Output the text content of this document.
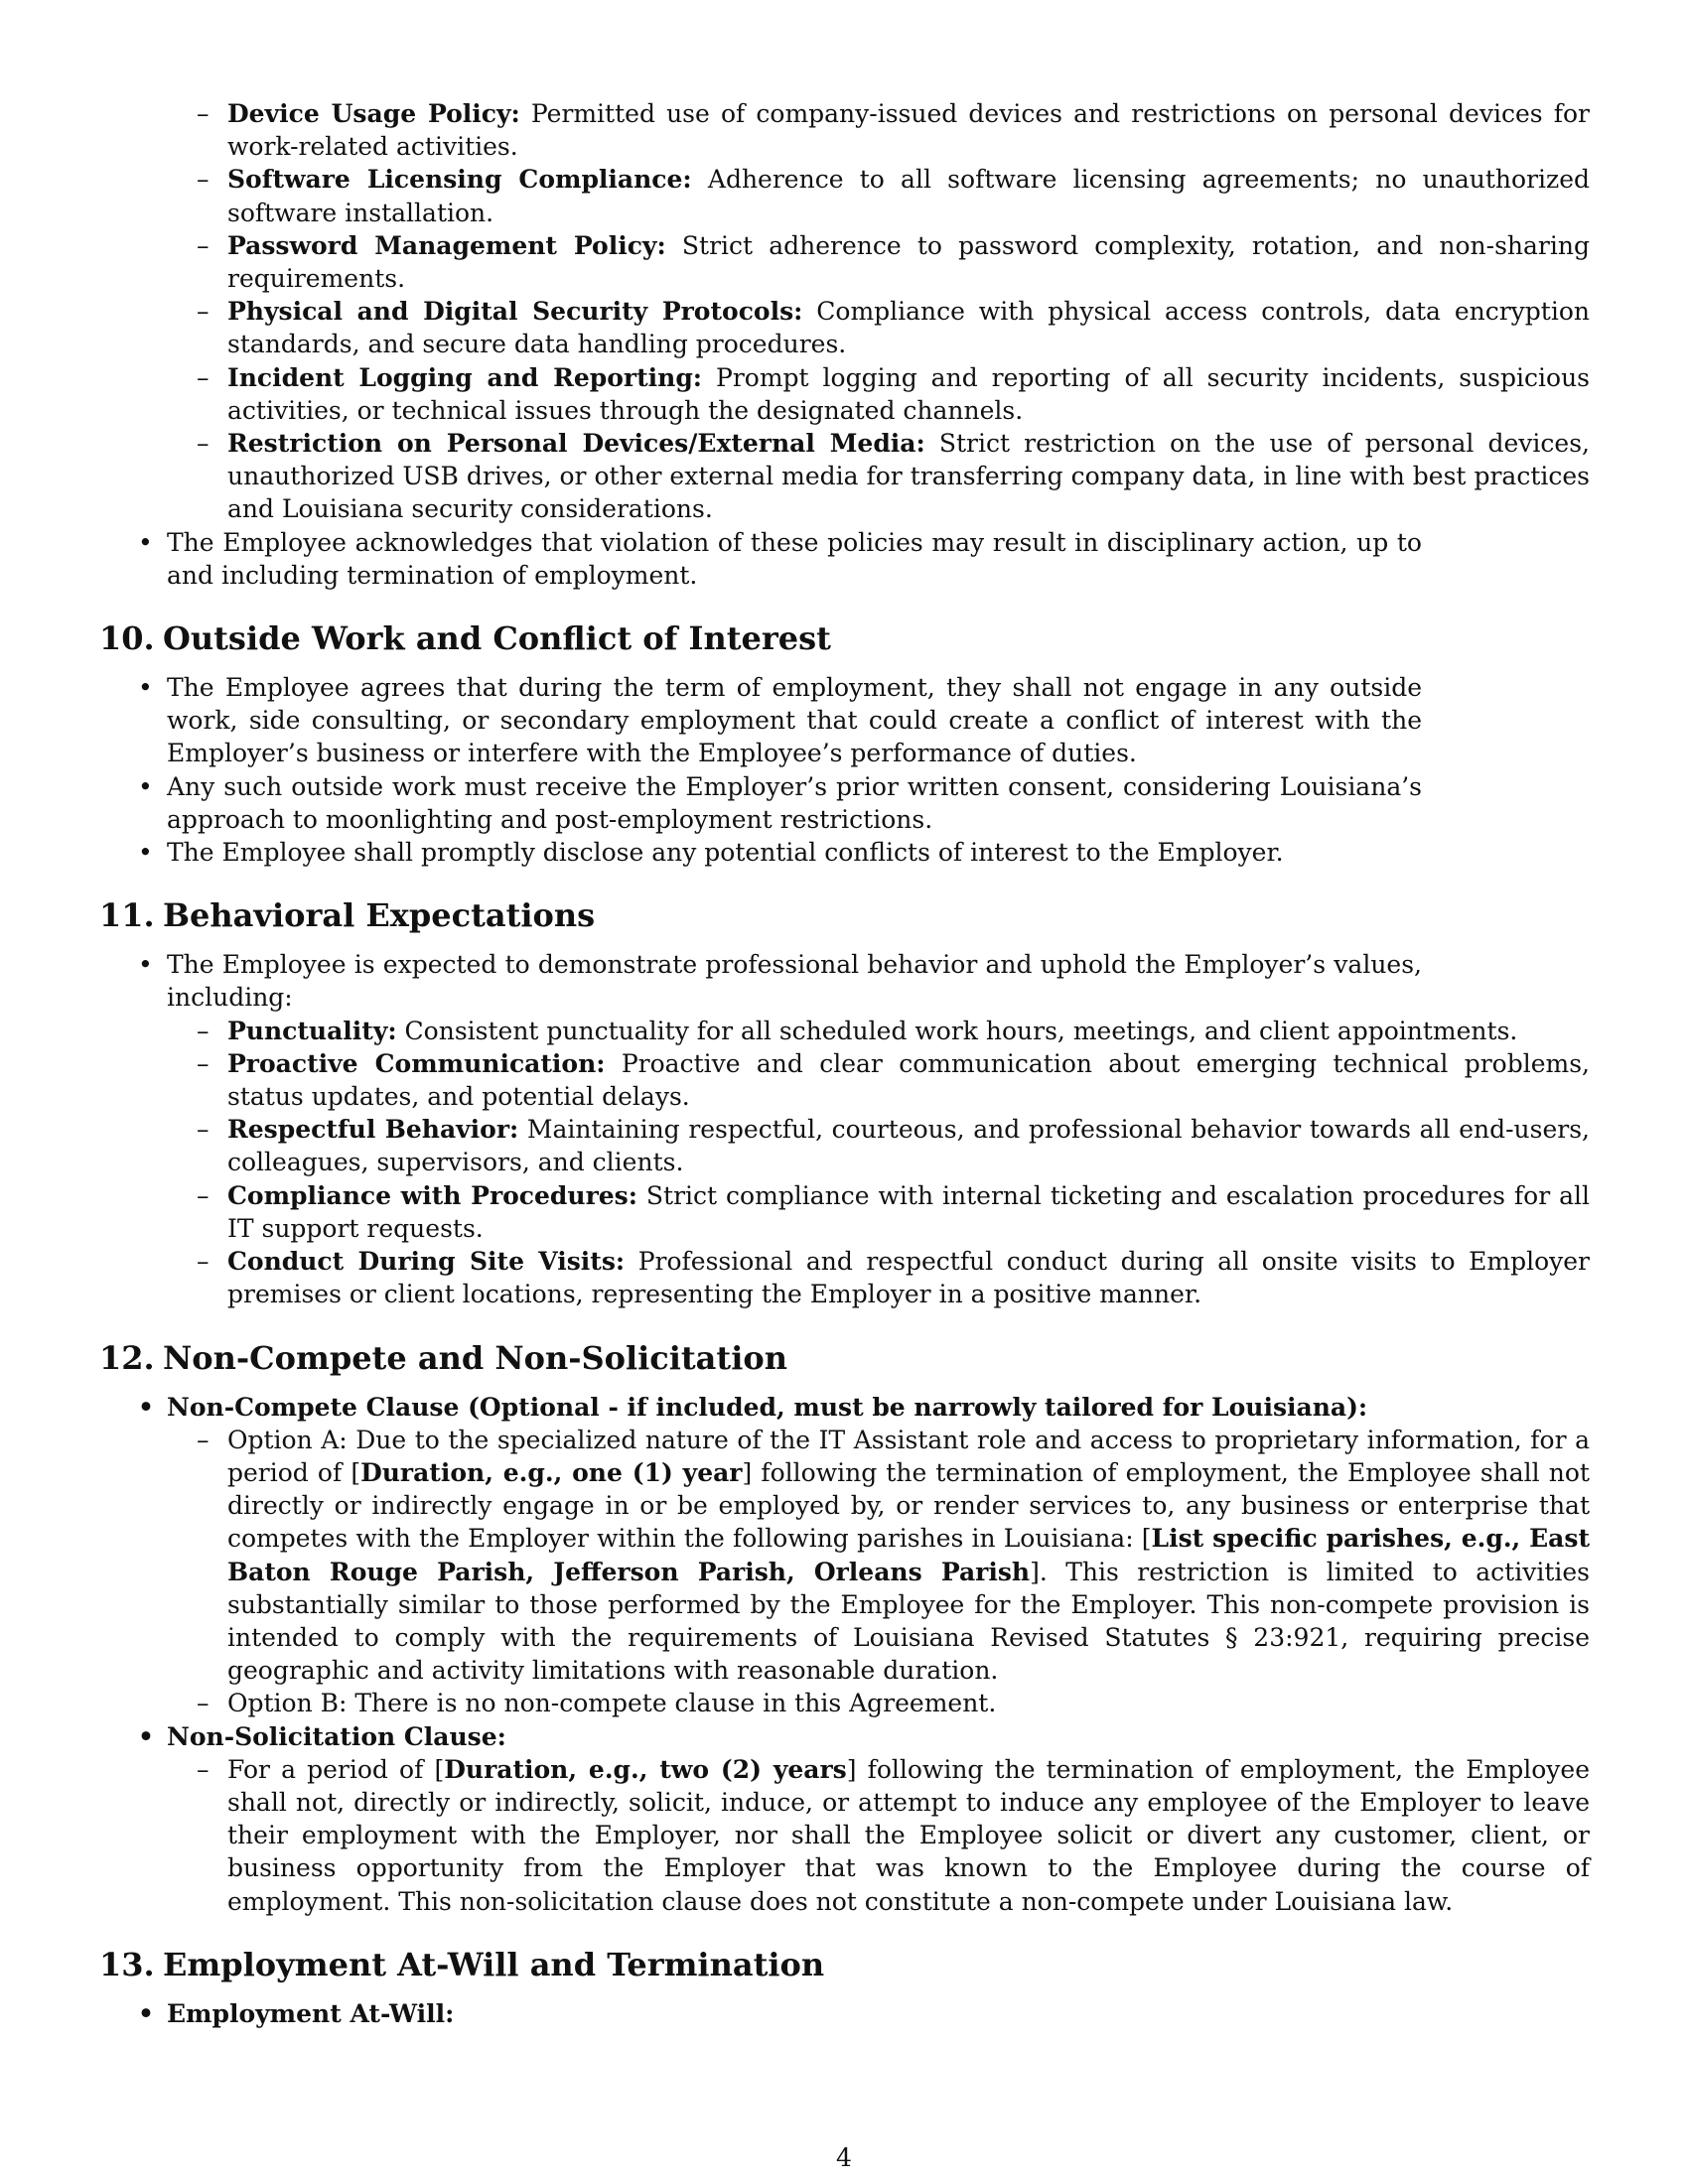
– Device Usage Policy: Permitted use of company-issued devices and restrictions on personal devices for work-related activities.
– Software Licensing Compliance: Adherence to all software licensing agreements; no unauthorized software installation.
– Password Management Policy: Strict adherence to password complexity, rotation, and non-sharing requirements.
– Physical and Digital Security Protocols: Compliance with physical access controls, data encryption standards, and secure data handling procedures.
– Incident Logging and Reporting: Prompt logging and reporting of all security incidents, suspicious activities, or technical issues through the designated channels.
– Restriction on Personal Devices/External Media: Strict restriction on the use of personal devices, unauthorized USB drives, or other external media for transferring company data, in line with best practices and Louisiana security considerations.
• The Employee acknowledges that violation of these policies may result in disciplinary action, up to and including termination of employment.
10. Outside Work and Conflict of Interest
• The Employee agrees that during the term of employment, they shall not engage in any outside work, side consulting, or secondary employment that could create a conflict of interest with the Employer’s business or interfere with the Employee’s performance of duties.
• Any such outside work must receive the Employer’s prior written consent, considering Louisiana’s approach to moonlighting and post-employment restrictions.
• The Employee shall promptly disclose any potential conflicts of interest to the Employer.
11. Behavioral Expectations
• The Employee is expected to demonstrate professional behavior and uphold the Employer’s values, including:
– Punctuality: Consistent punctuality for all scheduled work hours, meetings, and client appointments.
– Proactive Communication: Proactive and clear communication about emerging technical problems, status updates, and potential delays.
– Respectful Behavior: Maintaining respectful, courteous, and professional behavior towards all end-users, colleagues, supervisors, and clients.
– Compliance with Procedures: Strict compliance with internal ticketing and escalation procedures for all IT support requests.
– Conduct During Site Visits: Professional and respectful conduct during all onsite visits to Employer premises or client locations, representing the Employer in a positive manner.
12. Non-Compete and Non-Solicitation
• Non-Compete Clause (Optional - if included, must be narrowly tailored for Louisiana):
– Option A: Due to the specialized nature of the IT Assistant role and access to proprietary information, for a period of [Duration, e.g., one (1) year] following the termination of employment, the Employee shall not directly or indirectly engage in or be employed by, or render services to, any business or enterprise that competes with the Employer within the following parishes in Louisiana: [List specific parishes, e.g., East Baton Rouge Parish, Jefferson Parish, Orleans Parish]. This restriction is limited to activities substantially similar to those performed by the Employee for the Employer. This non-compete provision is intended to comply with the requirements of Louisiana Revised Statutes § 23:921, requiring precise geographic and activity limitations with reasonable duration.
– Option B: There is no non-compete clause in this Agreement.
• Non-Solicitation Clause:
– For a period of [Duration, e.g., two (2) years] following the termination of employment, the Employee shall not, directly or indirectly, solicit, induce, or attempt to induce any employee of the Employer to leave their employment with the Employer, nor shall the Employee solicit or divert any customer, client, or business opportunity from the Employer that was known to the Employee during the course of employment. This non-solicitation clause does not constitute a non-compete under Louisiana law.
13. Employment At-Will and Termination
• Employment At-Will:
4
